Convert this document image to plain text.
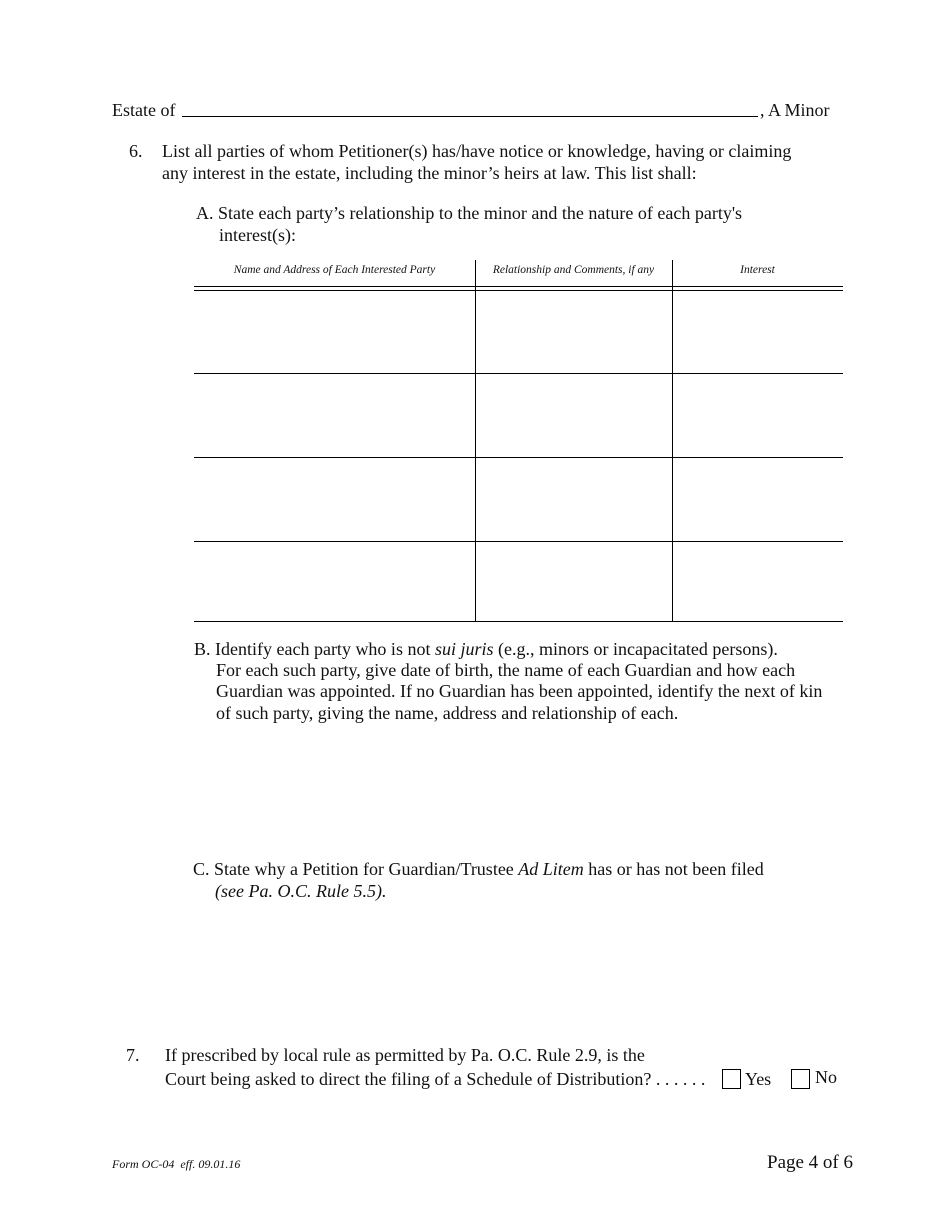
Estate of	, A Minor
6. List all parties of whom Petitioner(s) has/have notice or knowledge, having or claiming
any interest in the estate, including the minor’s heirs at law. This list shall:
A. State each party’s relationship to the minor and the nature of each party's
interest(s):
Name and Address of Each Interested Party	Relationship and Comments, if any	Interest
B. Identify each party who is not sui juris (e.g., minors or incapacitated persons).
For each such party, give date of birth, the name of each Guardian and how each
Guardian was appointed. If no Guardian has been appointed, identify the next of kin
of such party, giving the name, address and relationship of each.
C. State why a Petition for Guardian/Trustee Ad Litem has or has not been filed
(see Pa. O.C. Rule 5.5).
7. If prescribed by local rule as permitted by Pa. O.C. Rule 2.9, is the
Court being asked to direct the filing of a Schedule of Distribution? . . . . . . Yes No
Form OC-04  eff. 09.01.16	Page 4 of 6
